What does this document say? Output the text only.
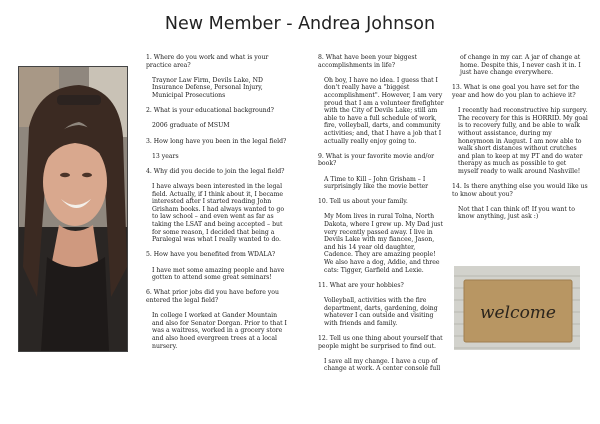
New Member - Andrea Johnson

1. Where do you work and what is your practice area?

Traynor Law Firm, Devils Lake, ND Insurance Defense, Personal Injury, Municipal Prosecutions

2. What is your educational background?

2006 graduate of MSUM

3. How long have you been in the legal field?

13 years

4. Why did you decide to join the legal field?

I have always been interested in the legal field. Actually, if I think about it, I became interested after I started reading John Grisham books. I had always wanted to go to law school – and even went as far as taking the LSAT and being accepted – but for some reason, I decided that being a Paralegal was what I really wanted to do.

5. How have you benefited from WDALA?

I have met some amazing people and have gotten to attend some great seminars!

6. What prior jobs did you have before you entered the legal field?

In college I worked at Gander Mountain and also for Senator Dorgan. Prior to that I was a waitress, worked in a grocery store and also hoed evergreen trees at a local nursery.

8. What have been your biggest accomplishments in life?

Oh boy, I have no idea. I guess that I don't really have a "biggest accomplishment". However, I am very proud that I am a volunteer firefighter with the City of Devils Lake; still am able to have a full schedule of work, fire, volleyball, darts, and community activities; and, that I have a job that I actually really enjoy going to.

9. What is your favorite movie and/or book?

A Time to Kill – John Grisham – I surprisingly like the movie better

10. Tell us about your family.

My Mom lives in rural Tolna, North Dakota, where I grew up. My Dad just very recently passed away. I live in Devils Lake with my fiancee, Jason, and his 14 year old daughter, Cadence. They are amazing people! We also have a dog, Addie, and three cats: Tigger, Garfield and Lexie.

11. What are your hobbies?

Volleyball, activities with the fire department, darts, gardening, doing whatever I can outside and visiting with friends and family.

12. Tell us one thing about yourself that people might be surprised to find out.

I save all my change. I have a cup of change at work. A center console full

of change in my car. A jar of change at home. Despite this, I never cash it in. I just have change everywhere.

13. What is one goal you have set for the year and how do you plan to achieve it?

I recently had reconstructive hip surgery. The recovery for this is HORRID. My goal is to recovery fully, and be able to walk without assistance, during my honeymoon in August. I am now able to walk short distances without crutches and plan to keep at my PT and do water therapy as much as possible to get myself ready to walk around Nashville!

14. Is there anything else you would like us to know about you?

Not that I can think of! If you want to know anything, just ask :)

welcome
